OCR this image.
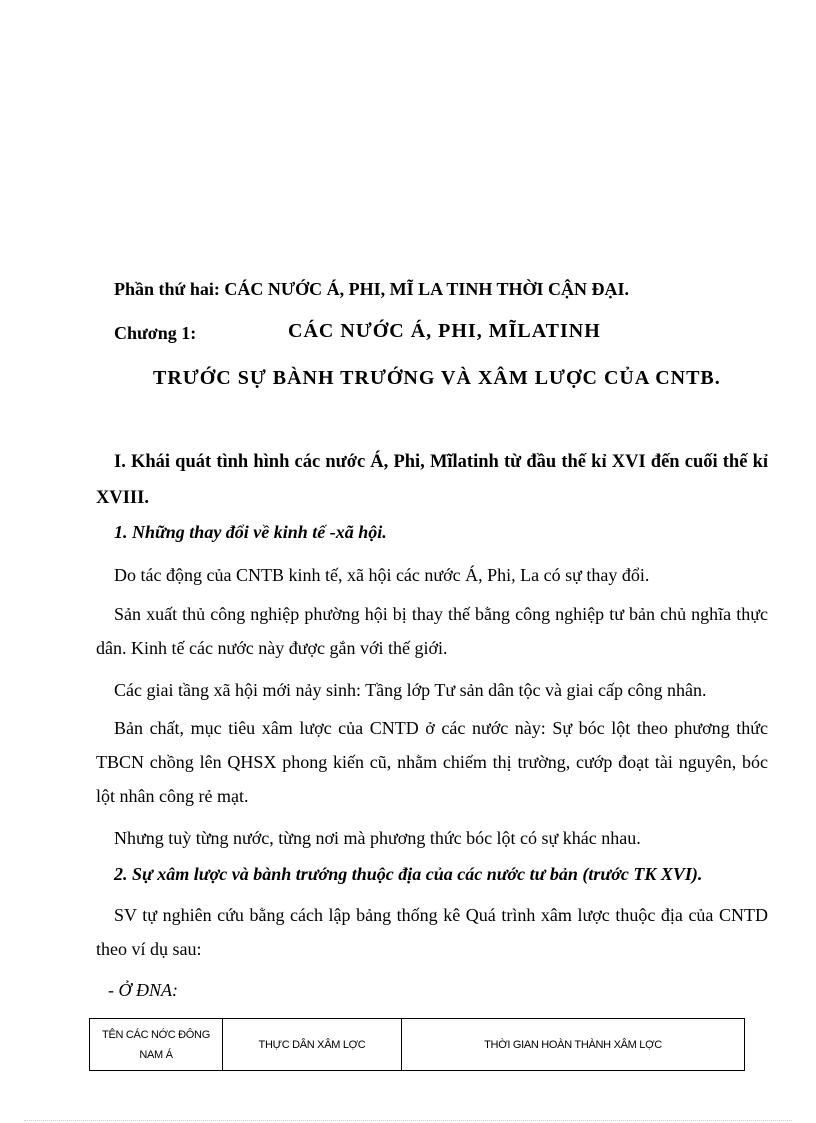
Phần thứ hai: CÁC NƯỚC Á, PHI, MĨ LA TINH THỜI CẬN ĐẠI.
Chương 1:	CÁC NƯỚC Á, PHI, MĨLATINH
TRƯỚC SỰ BÀNH TRƯỚNG VÀ XÂM LƯỢC CỦA CNTB.
I. Khái quát tình hình các nước Á, Phi, Mĩlatinh từ đầu thế kỉ XVI đến cuối thế kỉ XVIII.
1. Những thay đổi về kinh tế -xã hội.
Do tác động của CNTB kinh tế, xã hội các nước Á, Phi, La có sự thay đổi.
Sản xuất thủ công nghiệp phường hội bị thay thế bằng công nghiệp tư bản chủ nghĩa thực dân. Kinh tế các nước này được gắn với thế giới.
Các giai tầng xã hội mới nảy sinh: Tầng lớp Tư sản dân tộc và giai cấp công nhân.
Bản chất, mục tiêu xâm lược của CNTD ở các nước này: Sự bóc lột theo phương thức TBCN chồng lên QHSX phong kiến cũ, nhằm chiếm thị trường, cướp đoạt tài nguyên, bóc lột nhân công rẻ mạt.
Nhưng tuỳ từng nước, từng nơi mà phương thức bóc lột có sự khác nhau.
2. Sự xâm lược và bành trướng thuộc địa của các nước tư bản (trước TK XVI).
SV tự nghiên cứu bằng cách lập bảng thống kê Quá trình xâm lược thuộc địa của CNTD theo ví dụ sau:
- Ở ĐNA:
TÊN CÁC NỚC ĐÔNG NAM Á	THỰC DÂN XÂM LỢC	THỜI GIAN HOÀN THÀNH XÂM LỢC
